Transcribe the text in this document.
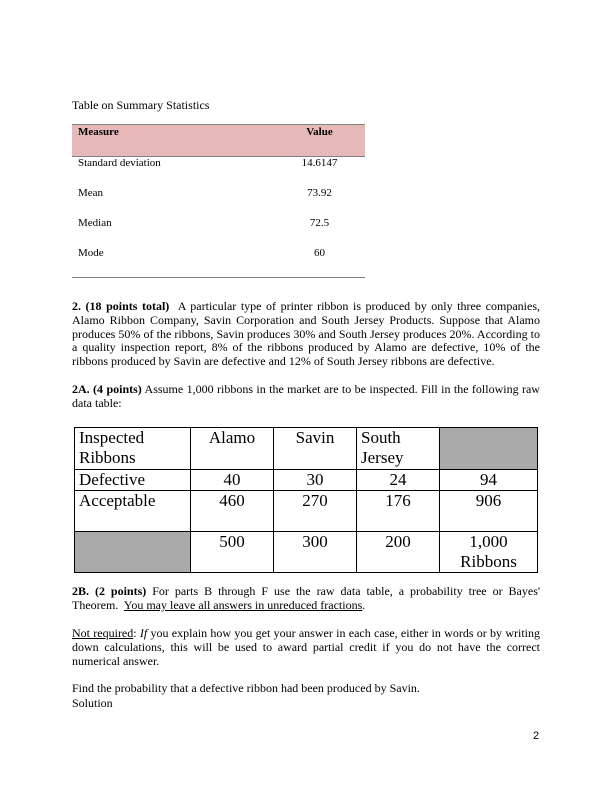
Table on Summary Statistics
Measure	Value
Standard deviation	14.6147
Mean	73.92
Median	72.5
Mode	60
2. (18 points total) A particular type of printer ribbon is produced by only three companies, Alamo Ribbon Company, Savin Corporation and South Jersey Products. Suppose that Alamo produces 50% of the ribbons, Savin produces 30% and South Jersey produces 20%. According to a quality inspection report, 8% of the ribbons produced by Alamo are defective, 10% of the ribbons produced by Savin are defective and 12% of South Jersey ribbons are defective.
2A. (4 points) Assume 1,000 ribbons in the market are to be inspected. Fill in the following raw data table:
Inspected Ribbons	Alamo	Savin	South Jersey	
Defective	40	30	24	94
Acceptable	460	270	176	906
	500	300	200	1,000 Ribbons
2B. (2 points) For parts B through F use the raw data table, a probability tree or Bayes' Theorem. You may leave all answers in unreduced fractions.
Not required: If you explain how you get your answer in each case, either in words or by writing down calculations, this will be used to award partial credit if you do not have the correct numerical answer.
Find the probability that a defective ribbon had been produced by Savin.
Solution
2
